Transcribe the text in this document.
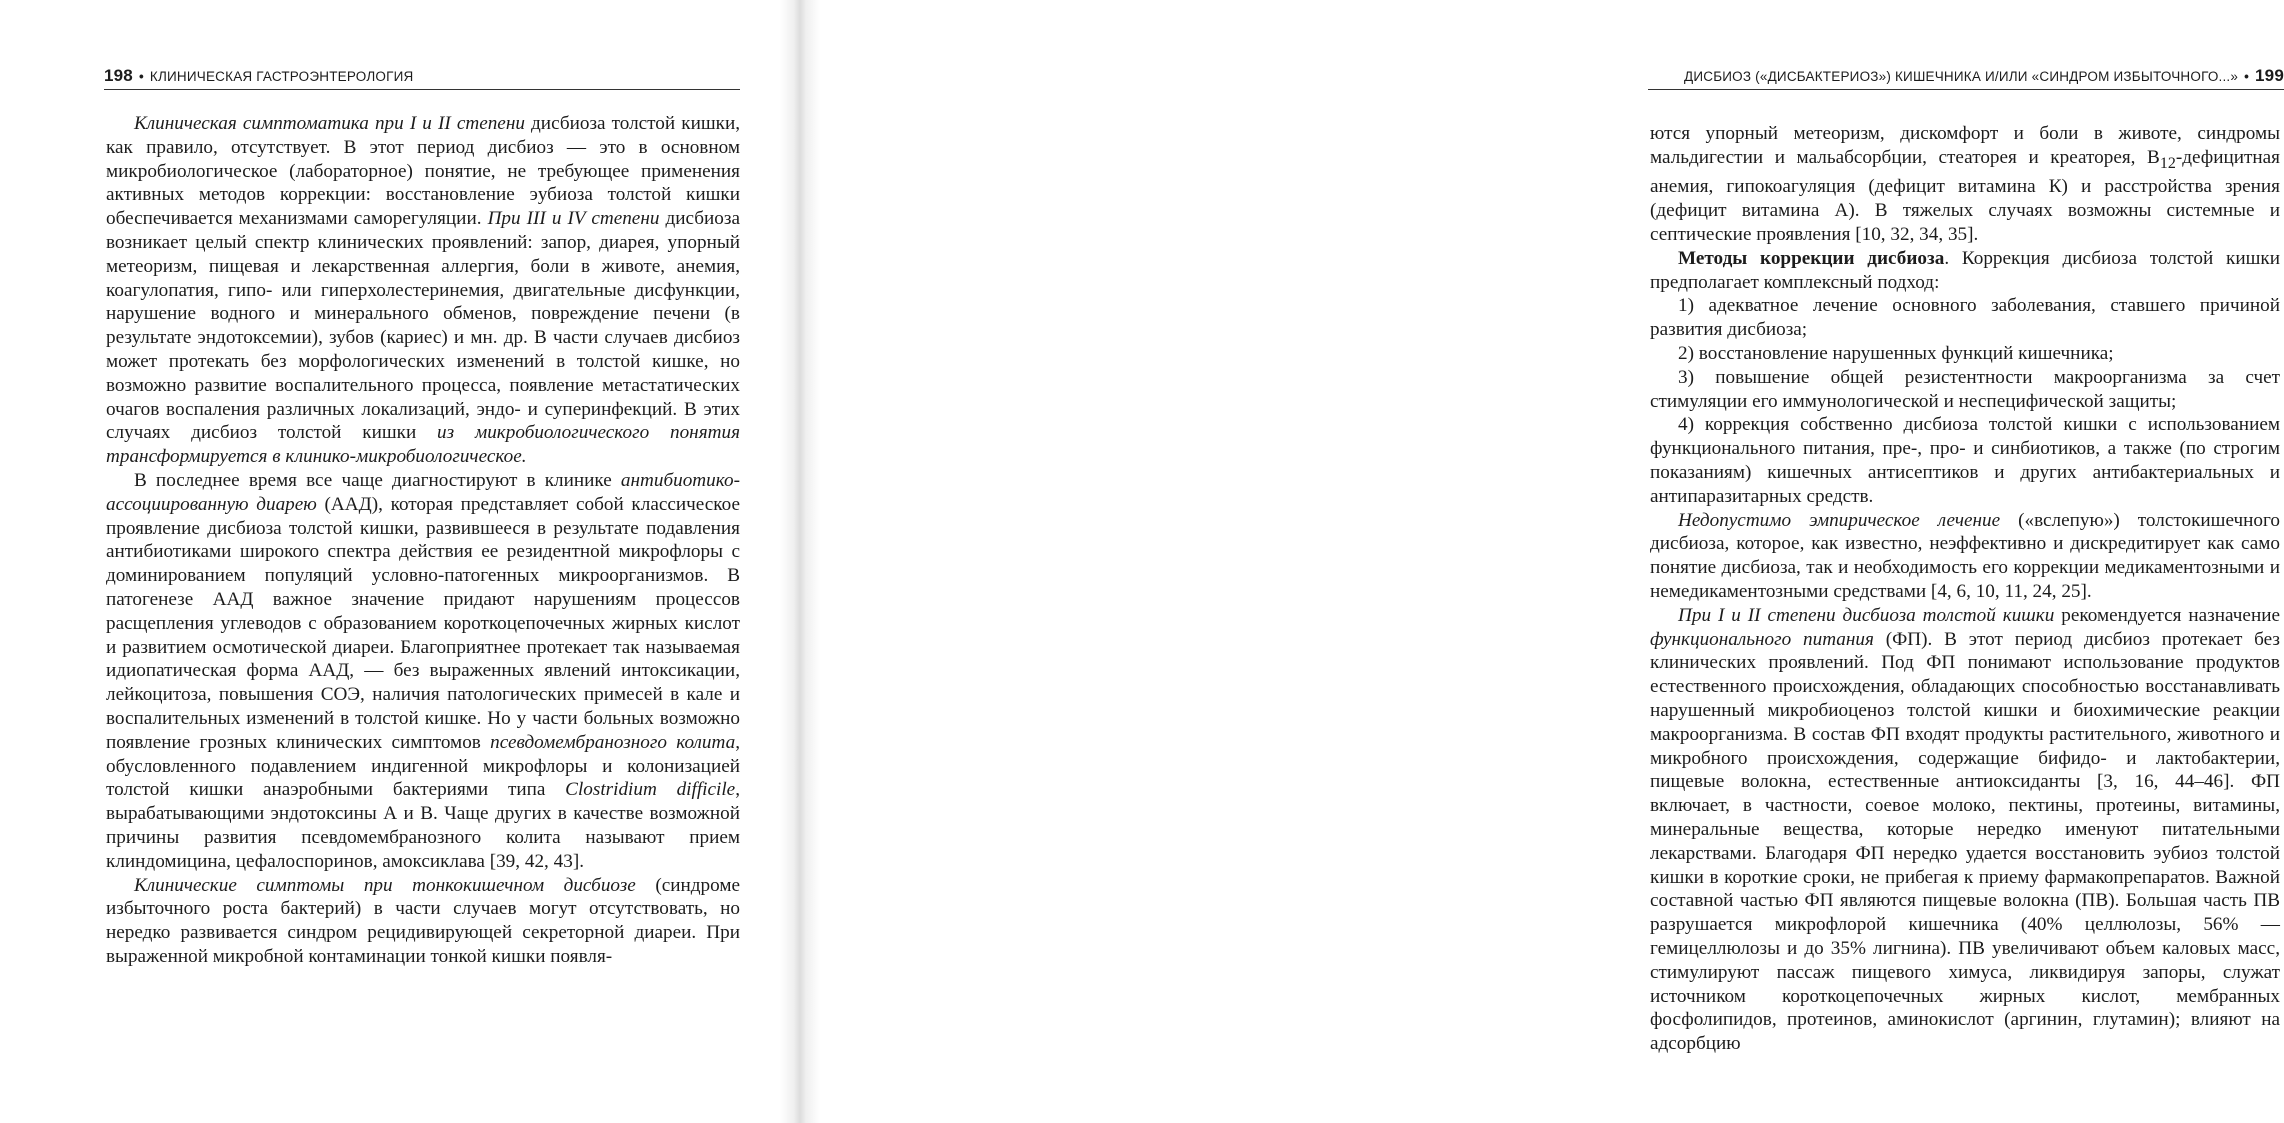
198 • КЛИНИЧЕСКАЯ ГАСТРОЭНТЕРОЛОГИЯ

Клиническая симптоматика при I и II степени дисбиоза толстой кишки, как правило, отсутствует. В этот период дисбиоз — это в основном микробиологическое (лабораторное) понятие, не требующее применения активных методов коррекции: восстановление эубиоза толстой кишки обеспечивается механизмами саморегуляции. При III и IV степени дисбиоза возникает целый спектр клинических проявлений: запор, диарея, упорный метеоризм, пищевая и лекарственная аллергия, боли в животе, анемия, коагулопатия, гипо- или гиперхолестеринемия, двигательные дисфункции, нарушение водного и минерального обменов, повреждение печени (в результате эндотоксемии), зубов (кариес) и мн. др. В части случаев дисбиоз может протекать без морфологических изменений в толстой кишке, но возможно развитие воспалительного процесса, появление метастатических очагов воспаления различных локализаций, эндо- и суперинфекций. В этих случаях дисбиоз толстой кишки из микробиологического понятия трансформируется в клинико-микробиологическое.

В последнее время все чаще диагностируют в клинике антибиотико-ассоциированную диарею (ААД), которая представляет собой классическое проявление дисбиоза толстой кишки, развившееся в результате подавления антибиотиками широкого спектра действия ее резидентной микрофлоры с доминированием популяций условно-патогенных микроорганизмов. В патогенезе ААД важное значение придают нарушениям процессов расщепления углеводов с образованием короткоцепочечных жирных кислот и развитием осмотической диареи. Благоприятнее протекает так называемая идиопатическая форма ААД, — без выраженных явлений интоксикации, лейкоцитоза, повышения СОЭ, наличия патологических примесей в кале и воспалительных изменений в толстой кишке. Но у части больных возможно появление грозных клинических симптомов псевдомембранозного колита, обусловленного подавлением индигенной микрофлоры и колонизацией толстой кишки анаэробными бактериями типа Clostridium difficile, вырабатывающими эндотоксины А и В. Чаще других в качестве возможной причины развития псевдомембранозного колита называют прием клиндомицина, цефалоспоринов, амоксиклава [39, 42, 43].

Клинические симптомы при тонкокишечном дисбиозе (синдроме избыточного роста бактерий) в части случаев могут отсутствовать, но нередко развивается синдром рецидивирующей секреторной диареи. При выраженной микробной контаминации тонкой кишки появля-

ДИСБИОЗ («ДИСБАКТЕРИОЗ») КИШЕЧНИКА И/ИЛИ «СИНДРОМ ИЗБЫТОЧНОГО...» • 199

ются упорный метеоризм, дискомфорт и боли в животе, синдромы мальдигестии и мальабсорбции, стеаторея и креаторея, $В_{12}$-дефицитная анемия, гипокоагуляция (дефицит витамина К) и расстройства зрения (дефицит витамина А). В тяжелых случаях возможны системные и септические проявления [10, 32, 34, 35].

Методы коррекции дисбиоза. Коррекция дисбиоза толстой кишки предполагает комплексный подход:

1) адекватное лечение основного заболевания, ставшего причиной развития дисбиоза;

2) восстановление нарушенных функций кишечника;

3) повышение общей резистентности макроорганизма за счет стимуляции его иммунологической и неспецифической защиты;

4) коррекция собственно дисбиоза толстой кишки с использованием функционального питания, пре-, про- и синбиотиков, а также (по строгим показаниям) кишечных антисептиков и других антибактериальных и антипаразитарных средств.

Недопустимо эмпирическое лечение («вслепую») толстокишечного дисбиоза, которое, как известно, неэффективно и дискредитирует как само понятие дисбиоза, так и необходимость его коррекции медикаментозными и немедикаментозными средствами [4, 6, 10, 11, 24, 25].

При I и II степени дисбиоза толстой кишки рекомендуется назначение функционального питания (ФП). В этот период дисбиоз протекает без клинических проявлений. Под ФП понимают использование продуктов естественного происхождения, обладающих способностью восстанавливать нарушенный микробиоценоз толстой кишки и биохимические реакции макроорганизма. В состав ФП входят продукты растительного, животного и микробного происхождения, содержащие бифидо- и лактобактерии, пищевые волокна, естественные антиоксиданты [3, 16, 44–46]. ФП включает, в частности, соевое молоко, пектины, протеины, витамины, минеральные вещества, которые нередко именуют питательными лекарствами. Благодаря ФП нередко удается восстановить эубиоз толстой кишки в короткие сроки, не прибегая к приему фармакопрепаратов. Важной составной частью ФП являются пищевые волокна (ПВ). Большая часть ПВ разрушается микрофлорой кишечника (40% целлюлозы, 56% — гемицеллюлозы и до 35% лигнина). ПВ увеличивают объем каловых масс, стимулируют пассаж пищевого химуса, ликвидируя запоры, служат источником короткоцепочечных жирных кислот, мембранных фосфолипидов, протеинов, аминокислот (аргинин, глутамин); влияют на адсорбцию
